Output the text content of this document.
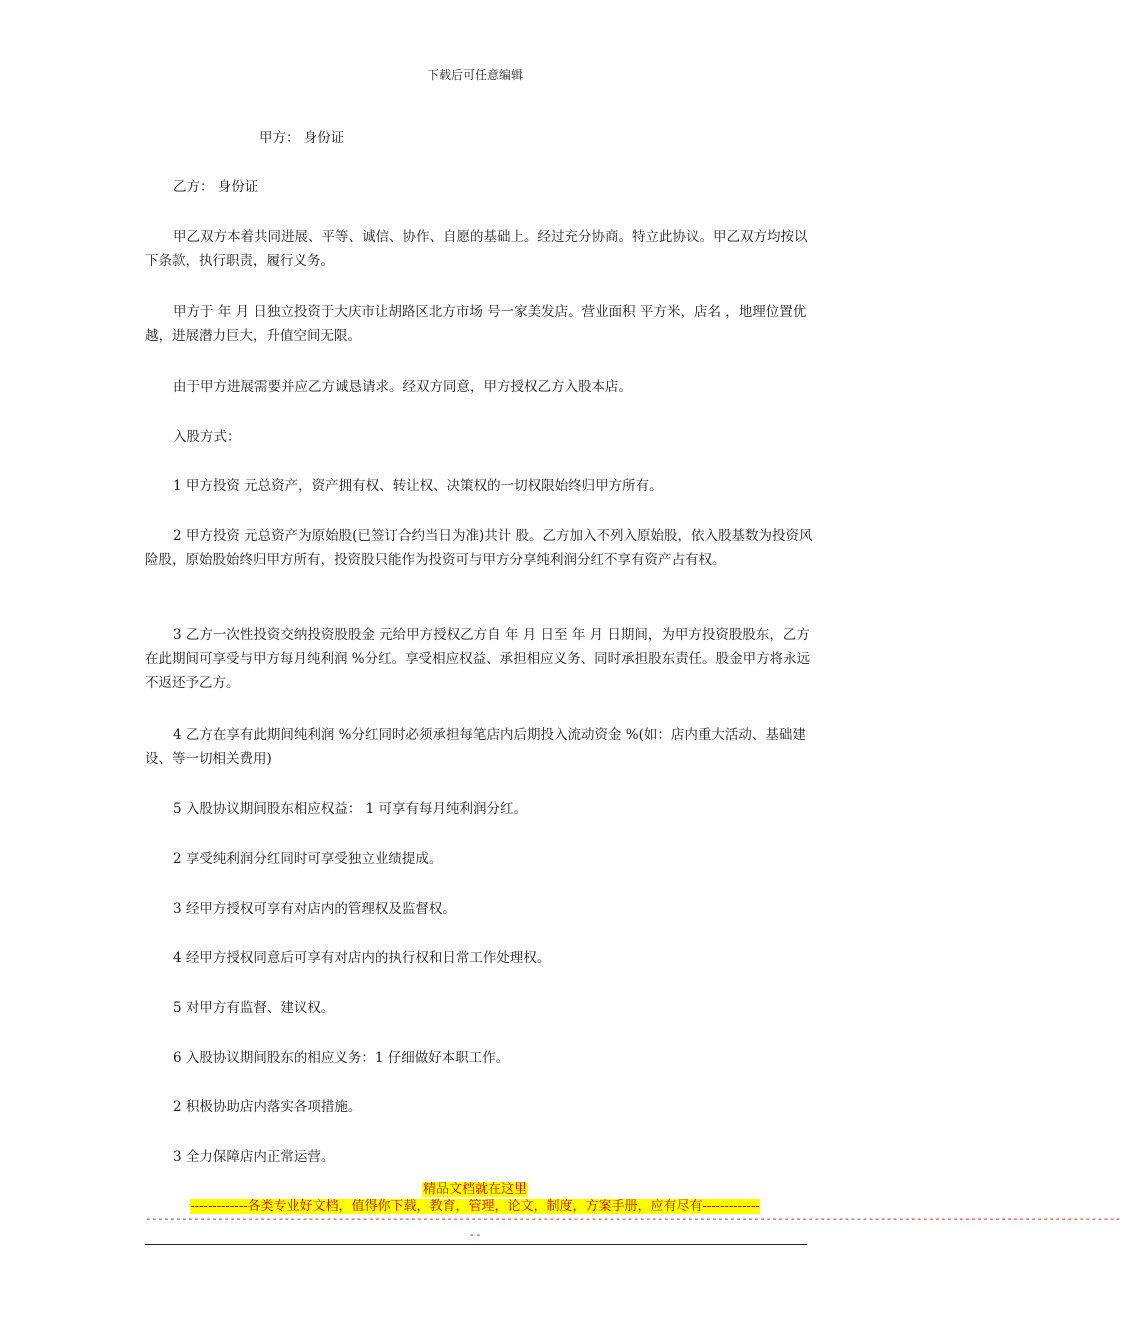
下载后可任意编辑
甲方： 身份证
乙方： 身份证
甲乙双方本着共同进展、平等、诚信、协作、自愿的基础上。经过充分协商。特立此协议。甲乙双方均按以下条款，执行职责，履行义务。
甲方于 年 月 日独立投资于大庆市让胡路区北方市场 号一家美发店。营业面积 平方米，店名 ，地理位置优越，进展潜力巨大，升值空间无限。
由于甲方进展需要并应乙方诚恳请求。经双方同意，甲方授权乙方入股本店。
入股方式：
1 甲方投资 元总资产，资产拥有权、转让权、决策权的一切权限始终归甲方所有。
2 甲方投资 元总资产为原始股(已签订合约当日为准)共计 股。乙方加入不列入原始股，依入股基数为投资风险股，原始股始终归甲方所有，投资股只能作为投资可与甲方分享纯利润分红不享有资产占有权。
3 乙方一次性投资交纳投资股股金 元给甲方授权乙方自 年 月 日至 年 月 日期间，为甲方投资股股东，乙方在此期间可享受与甲方每月纯利润 %分红。享受相应权益、承担相应义务、同时承担股东责任。股金甲方将永远不返还予乙方。
4 乙方在享有此期间纯利润 %分红同时必须承担每笔店内后期投入流动资金 %(如：店内重大活动、基础建设、等一切相关费用)
5 入股协议期间股东相应权益： 1 可享有每月纯利润分红。
2 享受纯利润分红同时可享受独立业绩提成。
3 经甲方授权可享有对店内的管理权及监督权。
4 经甲方授权同意后可享有对店内的执行权和日常工作处理权。
5 对甲方有监督、建议权。
6 入股协议期间股东的相应义务：1 仔细做好本职工作。
2 积极协助店内落实各项措施。
3 全力保障店内正常运营。
精品文档就在这里
-------------各类专业好文档，值得你下载，教育，管理，论文，制度，方案手册，应有尽有-------------
------------------------------------------------------------------------------------------------------------------------------------------------------------------
--
